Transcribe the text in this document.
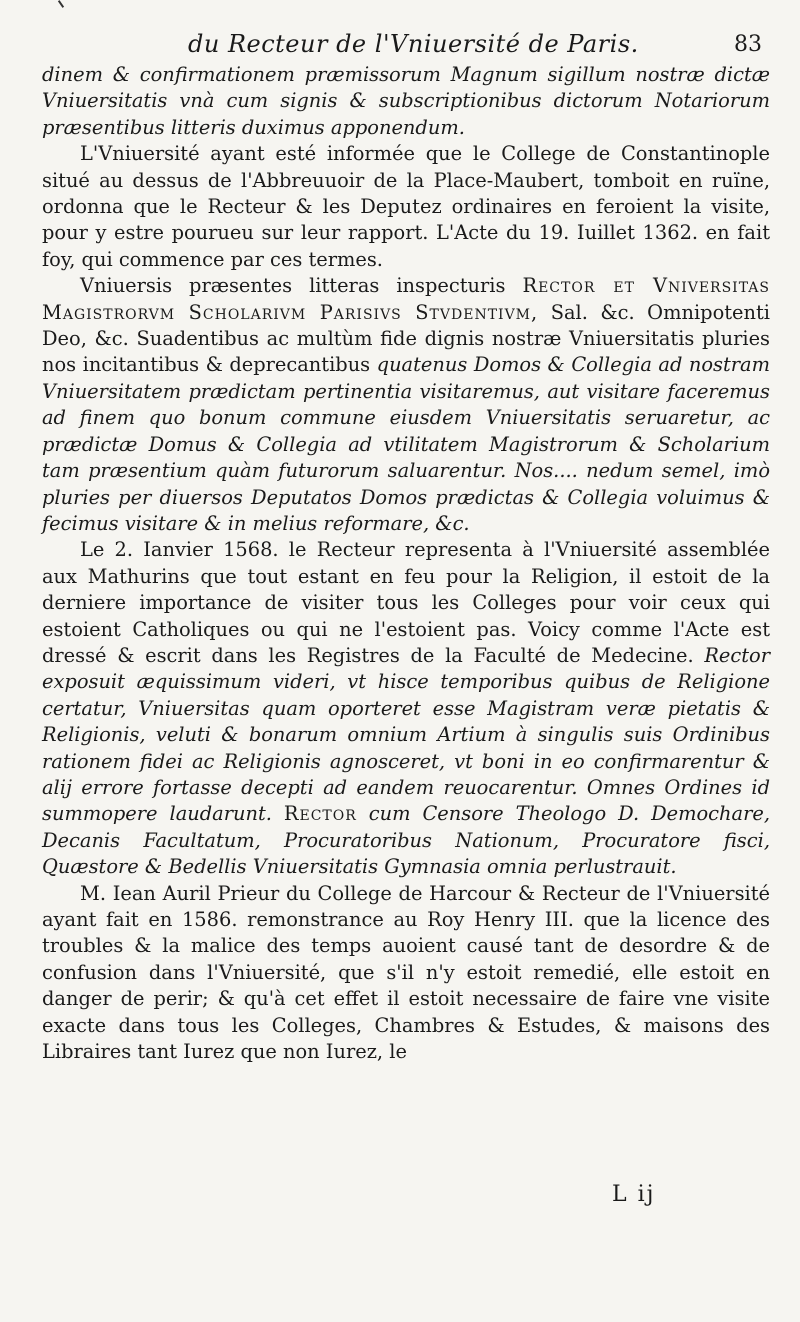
du Recteur de l'Vniuersité de Paris.	83

dinem & confirmationem præmissorum Magnum sigillum nostræ dictæ Vniuersitatis vnà cum signis & subscriptionibus dictorum Notariorum præsentibus litteris duximus apponendum.

L'Vniuersité ayant esté informée que le College de Constantinople situé au dessus de l'Abbreuuoir de la Place-Maubert, tomboit en ruïne, ordonna que le Recteur & les Deputez ordinaires en feroient la visite, pour y estre pourueu sur leur rapport. L'Acte du 19. Iuillet 1362. en fait foy, qui commence par ces termes.

Vniuersis præsentes litteras inspecturis Rector et Vniversitas Magistrorvm Scholarivm Parisivs Stvdentivm, Sal. &c. Omnipotenti Deo, &c. Suadentibus ac multùm fide dignis nostræ Vniuersitatis pluries nos incitantibus & deprecantibus quatenus Domos & Collegia ad nostram Vniuersitatem prædictam pertinentia visitaremus, aut visitare faceremus ad finem quo bonum commune eiusdem Vniuersitatis seruaretur, ac prædictæ Domus & Collegia ad vtilitatem Magistrorum & Scholarium tam præsentium quàm futurorum saluarentur. Nos.... nedum semel, imò pluries per diuersos Deputatos Domos prædictas & Collegia voluimus & fecimus visitare & in melius reformare, &c.

Le 2. Ianvier 1568. le Recteur representa à l'Vniuersité assemblée aux Mathurins que tout estant en feu pour la Religion, il estoit de la derniere importance de visiter tous les Colleges pour voir ceux qui estoient Catholiques ou qui ne l'estoient pas. Voicy comme l'Acte est dressé & escrit dans les Registres de la Faculté de Medecine. Rector exposuit æquissimum videri, vt hisce temporibus quibus de Religione certatur, Vniuersitas quam oporteret esse Magistram veræ pietatis & Religionis, veluti & bonarum omnium Artium à singulis suis Ordinibus rationem fidei ac Religionis agnosceret, vt boni in eo confirmarentur & alij errore fortasse decepti ad eandem reuocarentur. Omnes Ordines id summopere laudarunt. Rector cum Censore Theologo D. Demochare, Decanis Facultatum, Procuratoribus Nationum, Procuratore fisci, Quæstore & Bedellis Vniuersitatis Gymnasia omnia perlustrauit.

M. Iean Auril Prieur du College de Harcour & Recteur de l'Vniuersité ayant fait en 1586. remonstrance au Roy Henry III. que la licence des troubles & la malice des temps auoient causé tant de desordre & de confusion dans l'Vniuersité, que s'il n'y estoit remedié, elle estoit en danger de perir; & qu'à cet effet il estoit necessaire de faire vne visite exacte dans tous les Colleges, Chambres & Estudes, & maisons des Libraires tant Iurez que non Iurez, le

L ij
